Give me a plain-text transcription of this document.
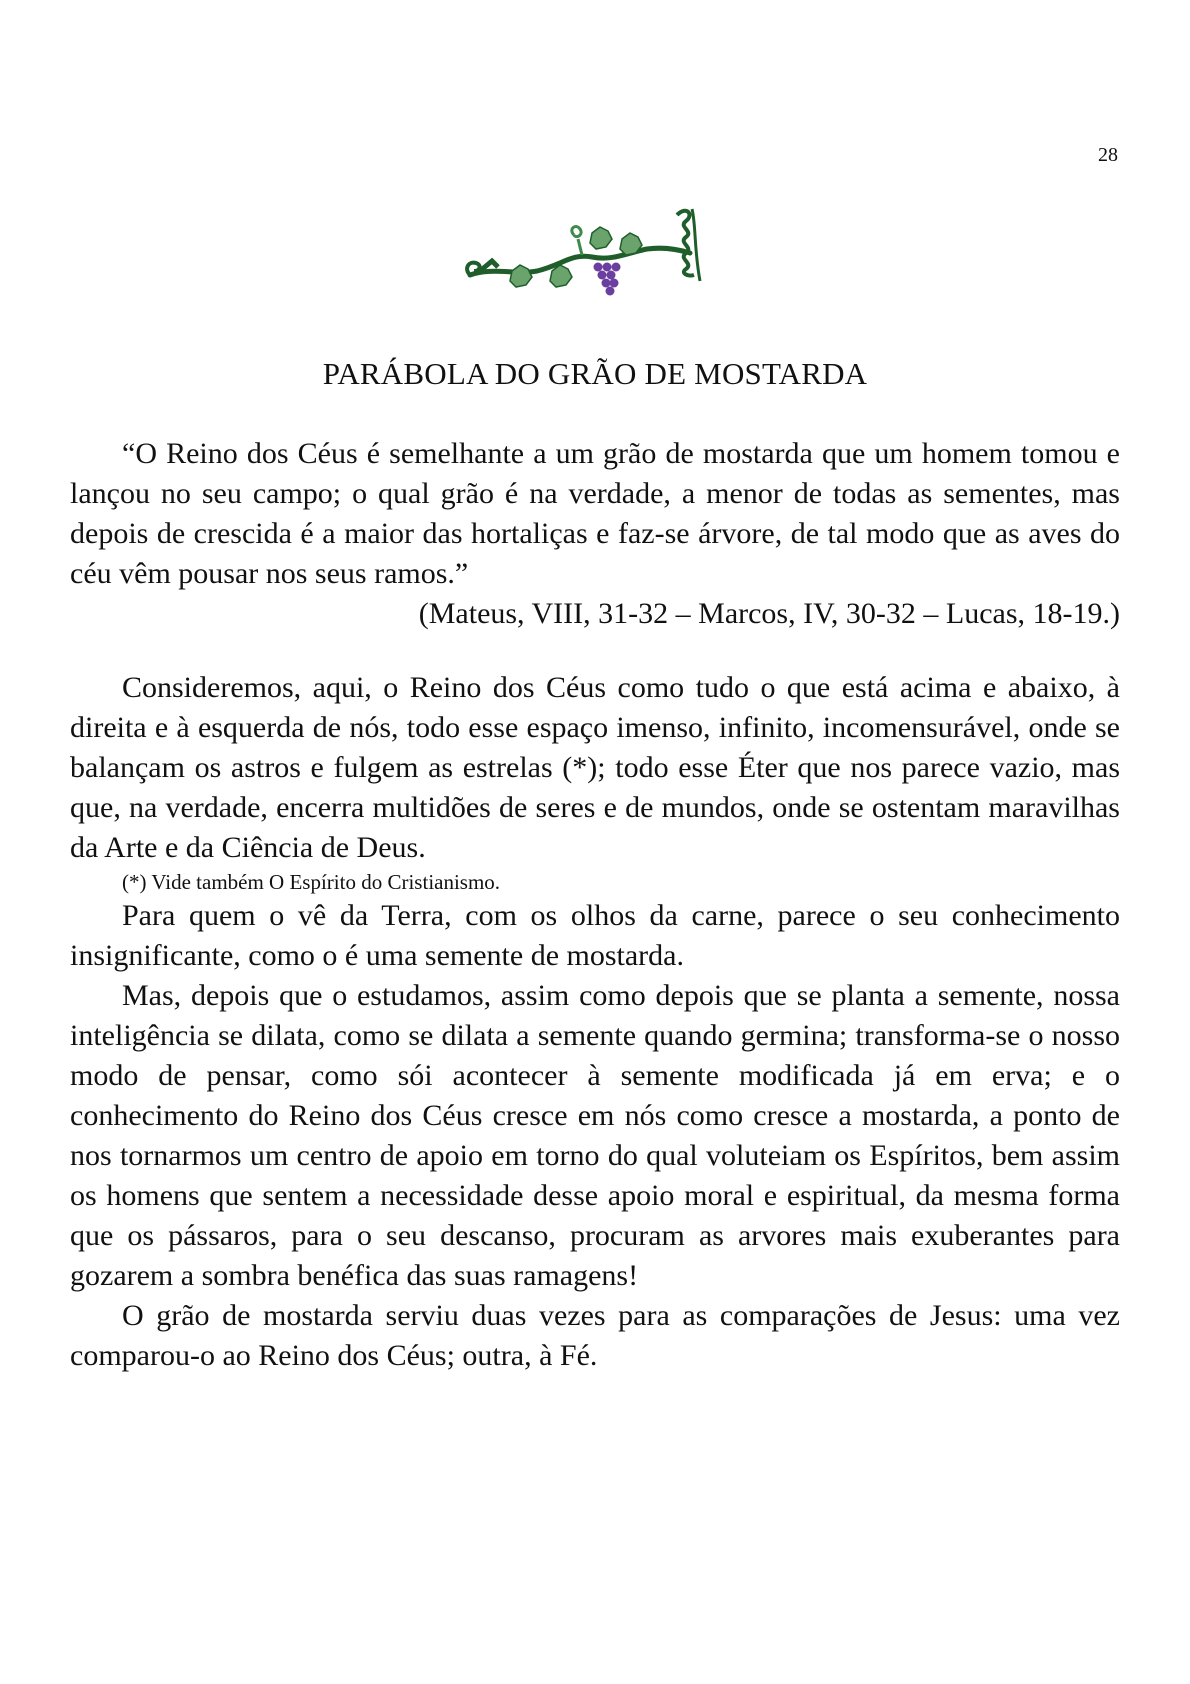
28
PARÁBOLA DO GRÃO DE MOSTARDA

“O Reino dos Céus é semelhante a um grão de mostarda que um homem tomou e lançou no seu campo; o qual grão é na verdade, a menor de todas as sementes, mas depois de crescida é a maior das hortaliças e faz-se árvore, de tal modo que as aves do céu vêm pousar nos seus ramos.”

(Mateus, VIII, 31-32 – Marcos, IV, 30-32 – Lucas, 18-19.)

Consideremos, aqui, o Reino dos Céus como tudo o que está acima e abaixo, à direita e à esquerda de nós, todo esse espaço imenso, infinito, incomensurável, onde se balançam os astros e fulgem as estrelas (*); todo esse Éter que nos parece vazio, mas que, na verdade, encerra multidões de seres e de mundos, onde se ostentam maravilhas da Arte e da Ciência de Deus.

(*) Vide também O Espírito do Cristianismo.

Para quem o vê da Terra, com os olhos da carne, parece o seu conhecimento insignificante, como o é uma semente de mostarda.

Mas, depois que o estudamos, assim como depois que se planta a semente, nossa inteligência se dilata, como se dilata a semente quando germina; transforma-se o nosso modo de pensar, como sói acontecer à semente modificada já em erva; e o conhecimento do Reino dos Céus cresce em nós como cresce a mostarda, a ponto de nos tornarmos um centro de apoio em torno do qual voluteiam os Espíritos, bem assim os homens que sentem a necessidade desse apoio moral e espiritual, da mesma forma que os pássaros, para o seu descanso, procuram as arvores mais exuberantes para gozarem a sombra benéfica das suas ramagens!

O grão de mostarda serviu duas vezes para as comparações de Jesus: uma vez comparou-o ao Reino dos Céus; outra, à Fé.
